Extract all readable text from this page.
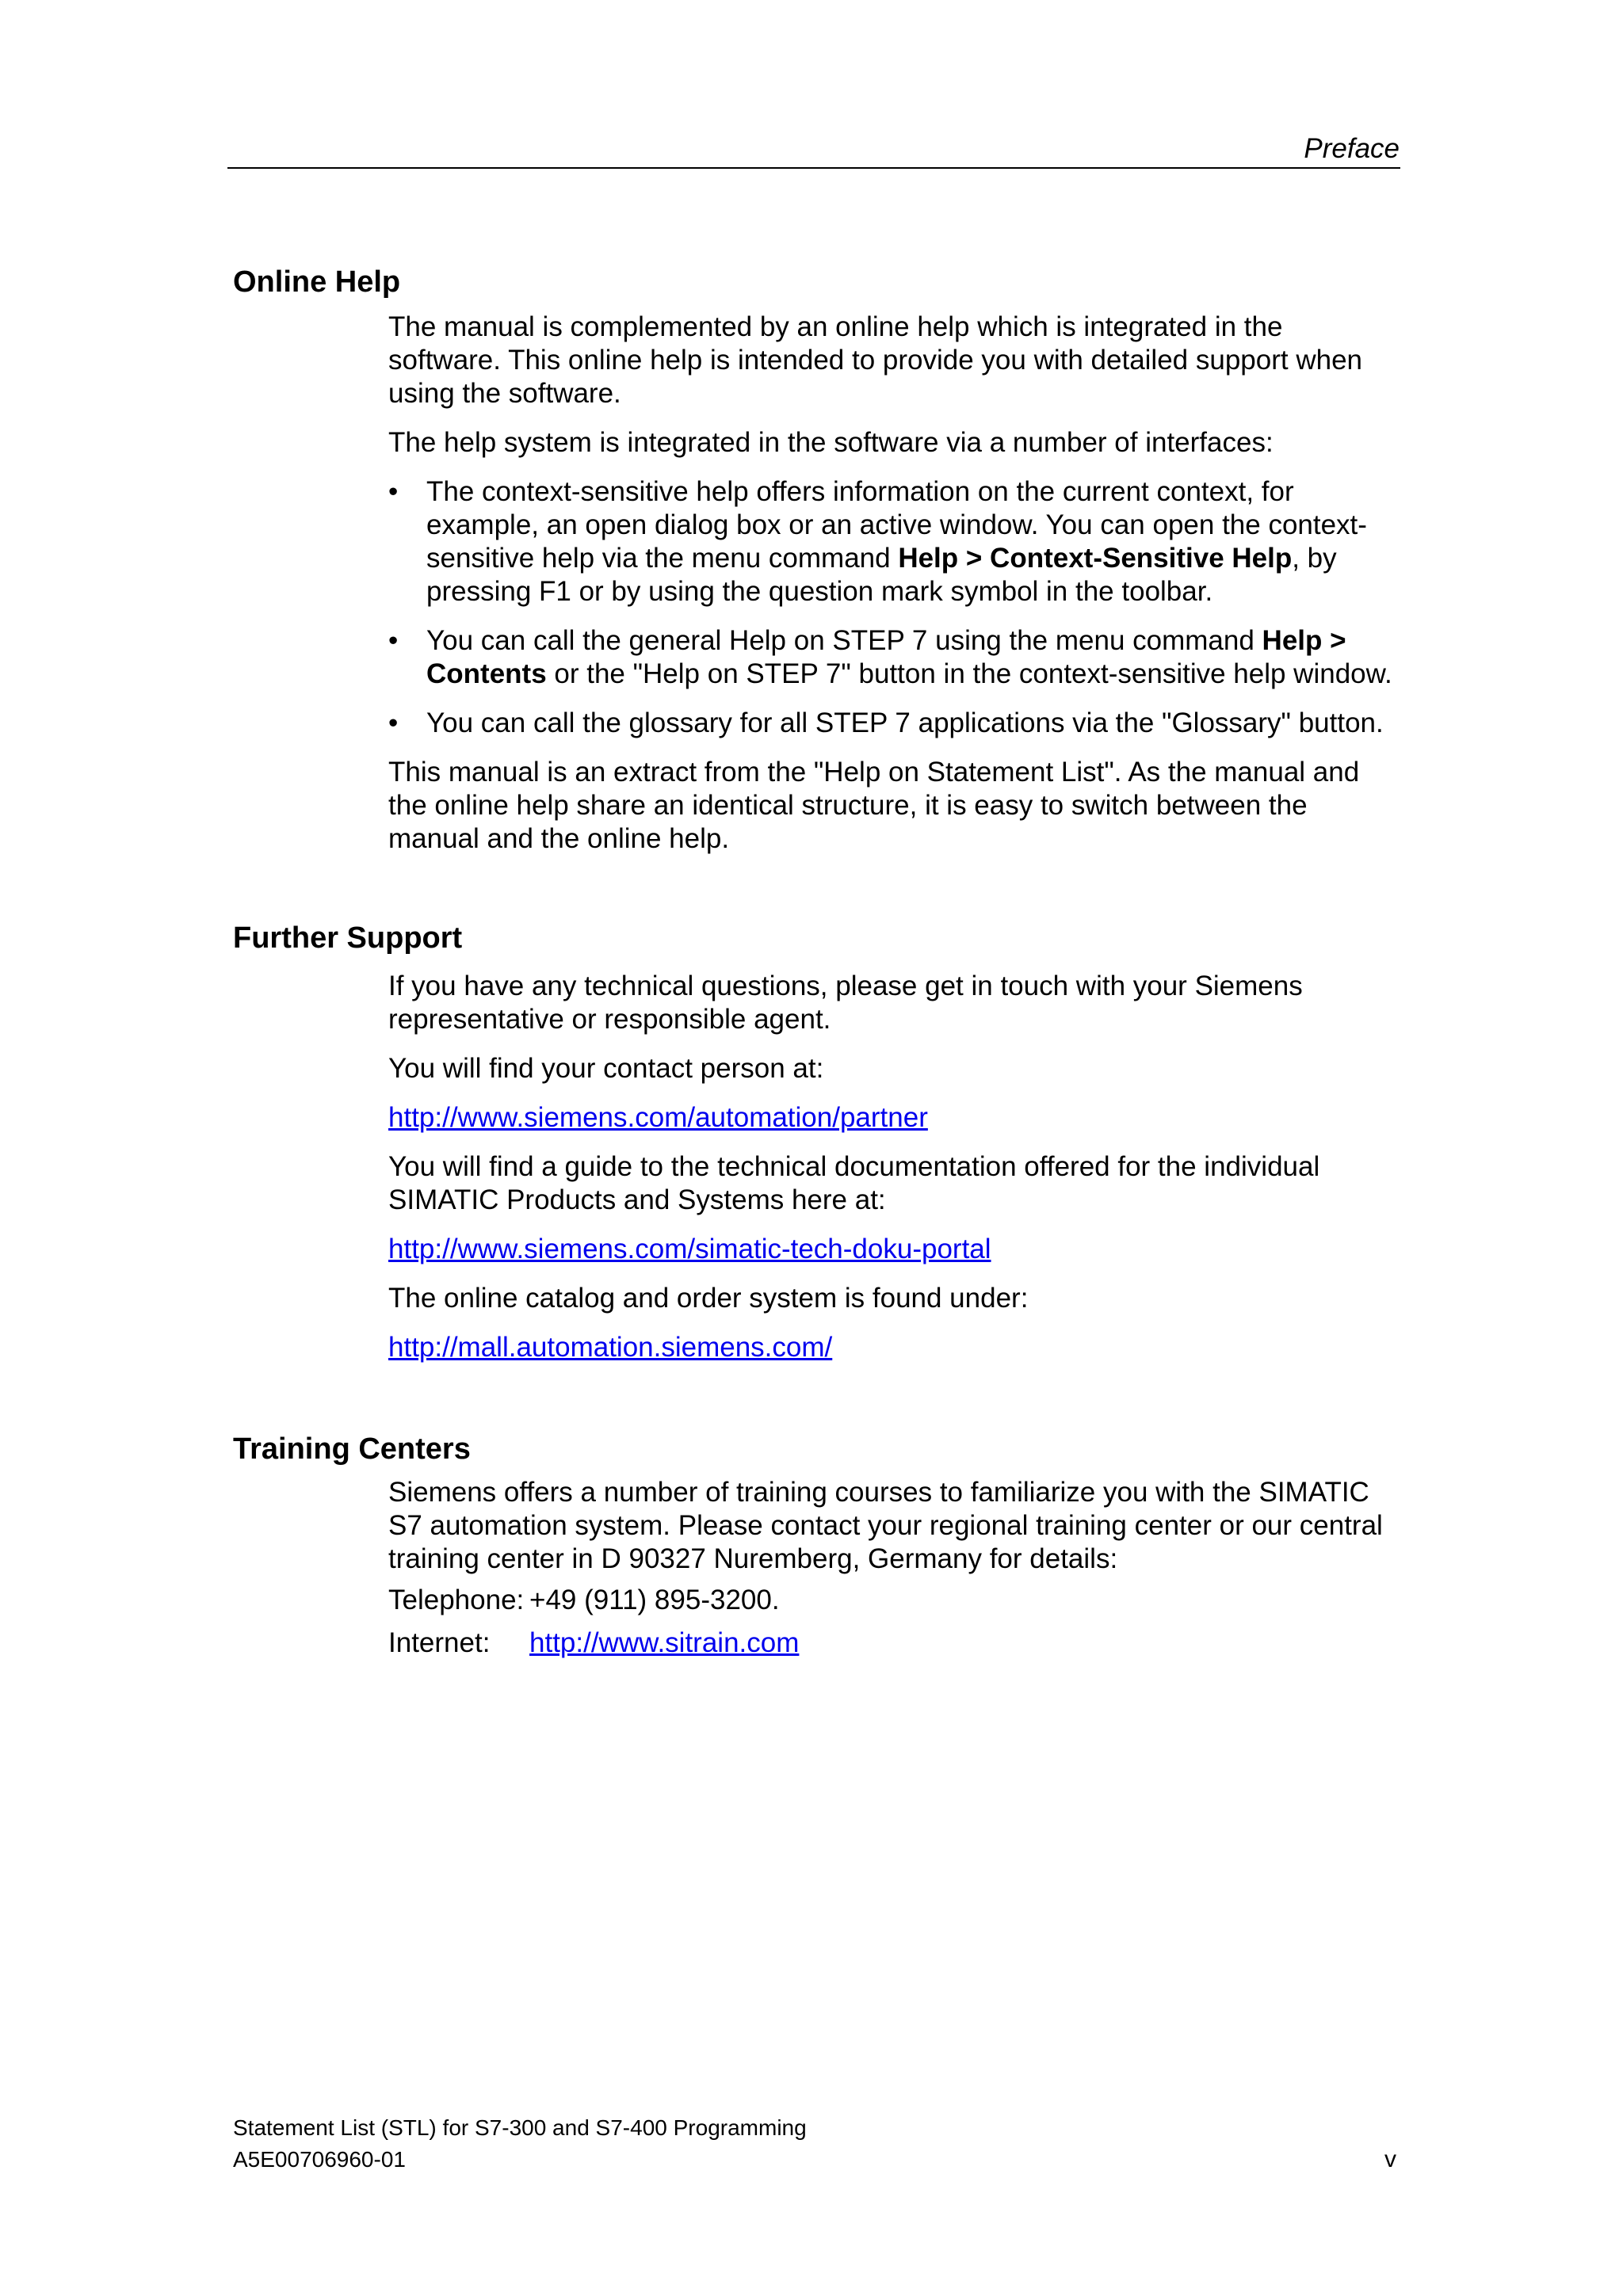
Preface
Online Help

The manual is complemented by an online help which is integrated in the software. This online help is intended to provide you with detailed support when using the software.

The help system is integrated in the software via a number of interfaces:

• The context-sensitive help offers information on the current context, for example, an open dialog box or an active window. You can open the context-sensitive help via the menu command Help > Context-Sensitive Help, by pressing F1 or by using the question mark symbol in the toolbar.
• You can call the general Help on STEP 7 using the menu command Help > Contents or the "Help on STEP 7" button in the context-sensitive help window.
• You can call the glossary for all STEP 7 applications via the "Glossary" button.

This manual is an extract from the "Help on Statement List". As the manual and the online help share an identical structure, it is easy to switch between the manual and the online help.

Further Support

If you have any technical questions, please get in touch with your Siemens representative or responsible agent.

You will find your contact person at:

http://www.siemens.com/automation/partner

You will find a guide to the technical documentation offered for the individual SIMATIC Products and Systems here at:

http://www.siemens.com/simatic-tech-doku-portal

The online catalog and order system is found under:

http://mall.automation.siemens.com/

Training Centers

Siemens offers a number of training courses to familiarize you with the SIMATIC S7 automation system. Please contact your regional training center or our central training center in D 90327 Nuremberg, Germany for details:

Telephone: +49 (911) 895-3200.
Internet:	http://www.sitrain.com
Statement List (STL) for S7-300 and S7-400 Programming
A5E00706960-01	v
